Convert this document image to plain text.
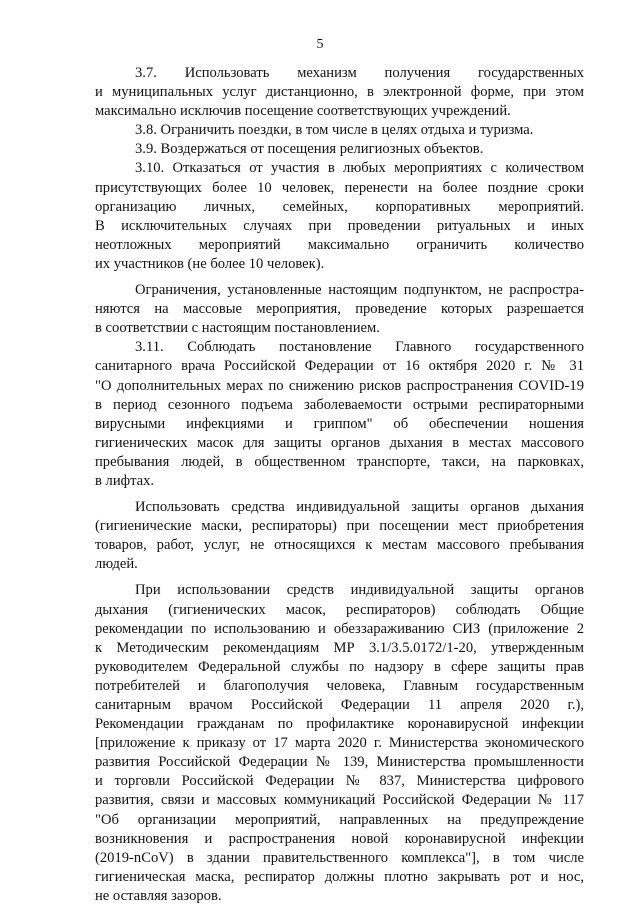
5

3.7. Использовать механизм получения государственных
и муниципальных услуг дистанционно, в электронной форме, при этом
максимально исключив посещение соответствующих учреждений.

3.8. Ограничить поездки, в том числе в целях отдыха и туризма.

3.9. Воздержаться от посещения религиозных объектов.

3.10. Отказаться от участия в любых мероприятиях с количеством
присутствующих более 10 человек, перенести на более поздние сроки
организацию личных, семейных, корпоративных мероприятий.
В исключительных случаях при проведении ритуальных и иных
неотложных мероприятий максимально ограничить количество
их участников (не более 10 человек).

Ограничения, установленные настоящим подпунктом, не распростра-
няются на массовые мероприятия, проведение которых разрешается
в соответствии с настоящим постановлением.

3.11. Соблюдать постановление Главного государственного
санитарного врача Российской Федерации от 16 октября 2020 г. № 31
"О дополнительных мерах по снижению рисков распространения COVID-19
в период сезонного подъема заболеваемости острыми респираторными
вирусными инфекциями и гриппом" об обеспечении ношения
гигиенических масок для защиты органов дыхания в местах массового
пребывания людей, в общественном транспорте, такси, на парковках,
в лифтах.

Использовать средства индивидуальной защиты органов дыхания
(гигиенические маски, респираторы) при посещении мест приобретения
товаров, работ, услуг, не относящихся к местам массового пребывания
людей.

При использовании средств индивидуальной защиты органов
дыхания (гигиенических масок, респираторов) соблюдать Общие
рекомендации по использованию и обеззараживанию СИЗ (приложение 2
к Методическим рекомендациям МР 3.1/3.5.0172/1-20, утвержденным
руководителем Федеральной службы по надзору в сфере защиты прав
потребителей и благополучия человека, Главным государственным
санитарным врачом Российской Федерации 11 апреля 2020 г.),
Рекомендации гражданам по профилактике коронавирусной инфекции
[приложение к приказу от 17 марта 2020 г. Министерства экономического
развития Российской Федерации № 139, Министерства промышленности
и торговли Российской Федерации № 837, Министерства цифрового
развития, связи и массовых коммуникаций Российской Федерации № 117
"Об организации мероприятий, направленных на предупреждение
возникновения и распространения новой коронавирусной инфекции
(2019-nCoV) в здании правительственного комплекса"], в том числе
гигиеническая маска, респиратор должны плотно закрывать рот и нос,
не оставляя зазоров.
